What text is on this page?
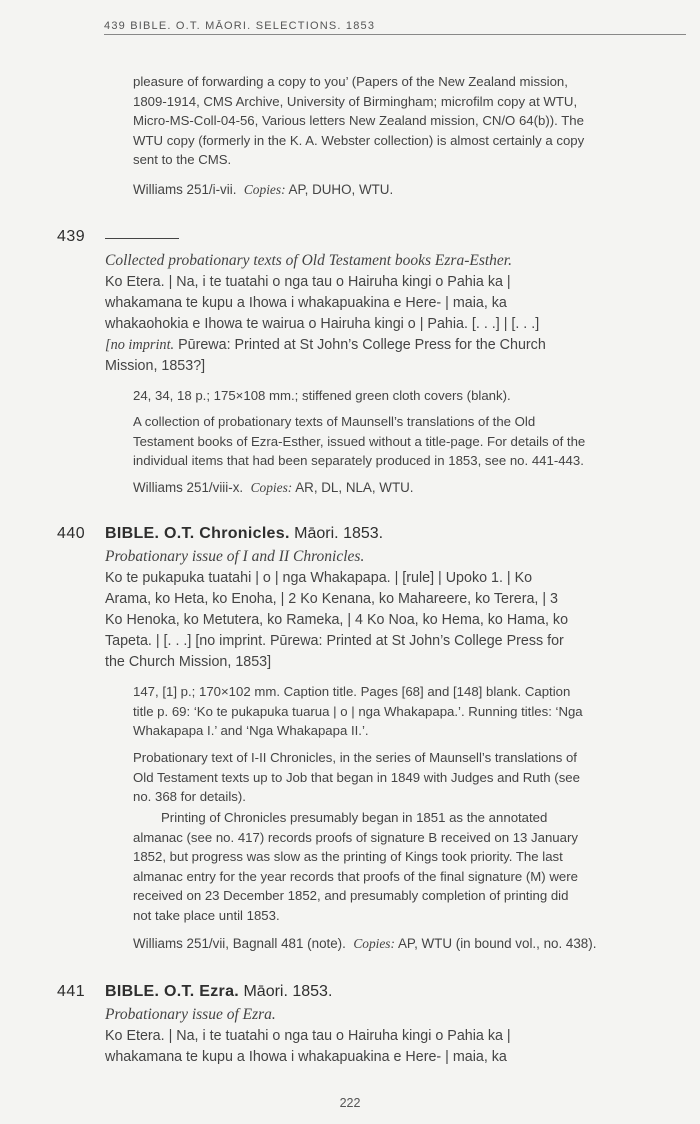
439 BIBLE. O.T. MĀORI. SELECTIONS. 1853

pleasure of forwarding a copy to you’ (Papers of the New Zealand mission,

1809-1914, CMS Archive, University of Birmingham; microfilm copy at WTU,

Micro-MS-Coll-04-56, Various letters New Zealand mission, CN/O 64(b)). The

WTU copy (formerly in the K. A. Webster collection) is almost certainly a copy

sent to the CMS.

Williams 251/i-vii. Copies: AP, DUHO, WTU.

439
Collected probationary texts of Old Testament books Ezra-Esther.

Ko Etera. | Na, i te tuatahi o nga tau o Hairuha kingi o Pahia ka |

whakamana te kupu a Ihowa i whakapuakina e Here- | maia, ka

whakaohokia e Ihowa te wairua o Hairuha kingi o | Pahia. [. . .] | [. . .]

[no imprint. Pūrewa: Printed at St John’s College Press for the Church

Mission, 1853?]

24, 34, 18 p.; 175×108 mm.; stiffened green cloth covers (blank).

A collection of probationary texts of Maunsell’s translations of the Old

Testament books of Ezra-Esther, issued without a title-page. For details of the

individual items that had been separately produced in 1853, see no. 441-443.

Williams 251/viii-x. Copies: AR, DL, NLA, WTU.

440 BIBLE. O.T. Chronicles. Māori. 1853.
Probationary issue of I and II Chronicles.

Ko te pukapuka tuatahi | o | nga Whakapapa. | [rule] | Upoko 1. | Ko

Arama, ko Heta, ko Enoha, | 2 Ko Kenana, ko Mahareere, ko Terera, | 3

Ko Henoka, ko Metutera, ko Rameka, | 4 Ko Noa, ko Hema, ko Hama, ko

Tapeta. | [. . .] [no imprint. Pūrewa: Printed at St John’s College Press for

the Church Mission, 1853]

147, [1] p.; 170×102 mm. Caption title. Pages [68] and [148] blank. Caption

title p. 69: ‘Ko te pukapuka tuarua | o | nga Whakapapa.’. Running titles: ‘Nga

Whakapapa I.’ and ‘Nga Whakapapa II.’.

Probationary text of I-II Chronicles, in the series of Maunsell’s translations of

Old Testament texts up to Job that began in 1849 with Judges and Ruth (see

no. 368 for details).

Printing of Chronicles presumably began in 1851 as the annotated

almanac (see no. 417) records proofs of signature B received on 13 January

1852, but progress was slow as the printing of Kings took priority. The last

almanac entry for the year records that proofs of the final signature (M) were

received on 23 December 1852, and presumably completion of printing did

not take place until 1853.

Williams 251/vii, Bagnall 481 (note). Copies: AP, WTU (in bound vol., no. 438).

441 BIBLE. O.T. Ezra. Māori. 1853.
Probationary issue of Ezra.

Ko Etera. | Na, i te tuatahi o nga tau o Hairuha kingi o Pahia ka |

whakamana te kupu a Ihowa i whakapuakina e Here- | maia, ka

222
